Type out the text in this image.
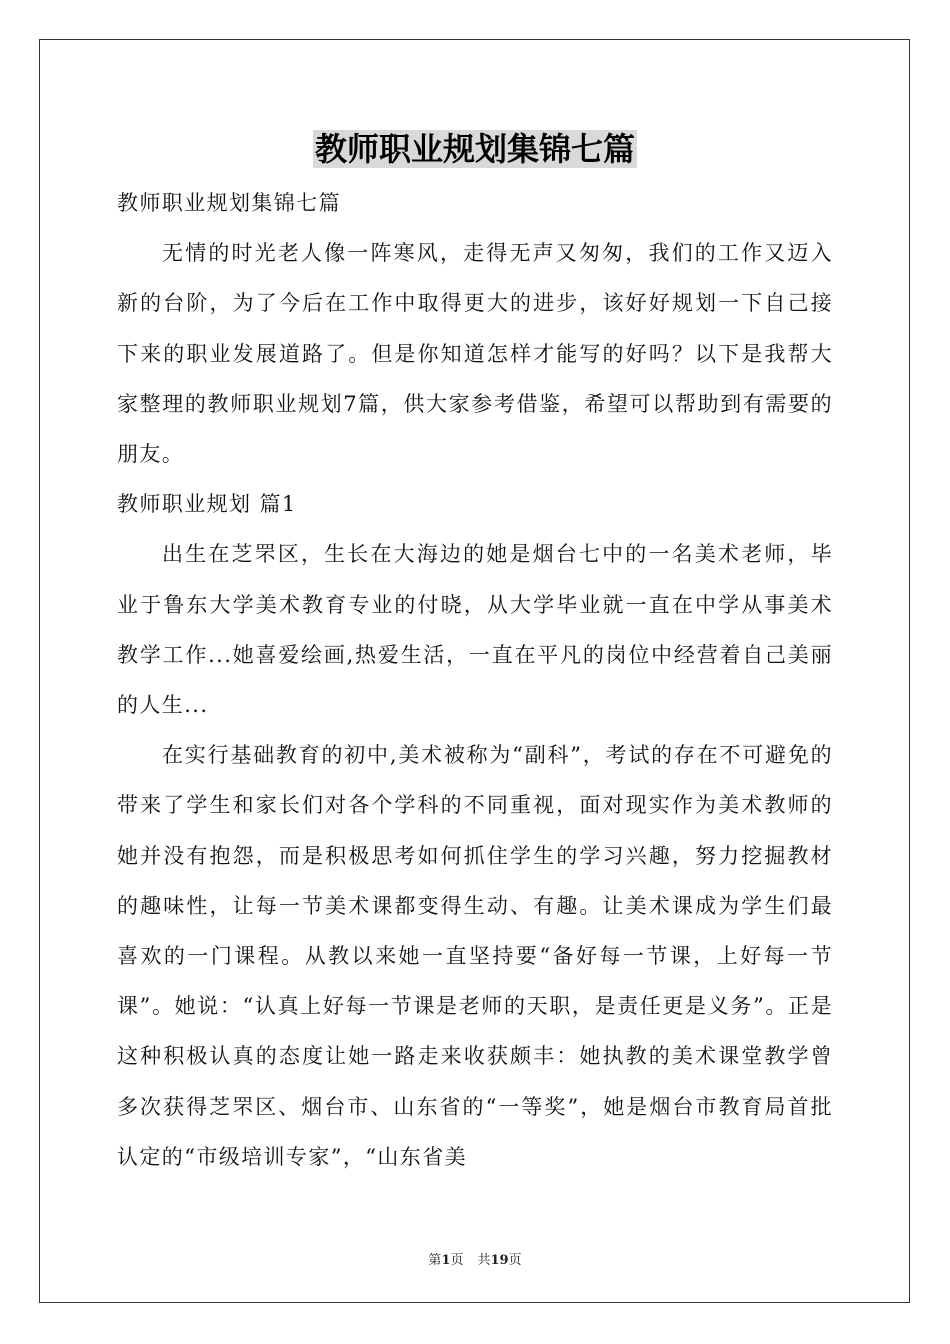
教师职业规划集锦七篇

教师职业规划集锦七篇

无情的时光老人像一阵寒风，走得无声又匆匆，我们的工作又迈入新的台阶，为了今后在工作中取得更大的进步，该好好规划一下自己接下来的职业发展道路了。但是你知道怎样才能写的好吗？以下是我帮大家整理的教师职业规划7篇，供大家参考借鉴，希望可以帮助到有需要的朋友。

教师职业规划 篇1

出生在芝罘区，生长在大海边的她是烟台七中的一名美术老师，毕业于鲁东大学美术教育专业的付晓，从大学毕业就一直在中学从事美术教学工作...她喜爱绘画,热爱生活，一直在平凡的岗位中经营着自己美丽的人生...

在实行基础教育的初中,美术被称为“副科”，考试的存在不可避免的带来了学生和家长们对各个学科的不同重视，面对现实作为美术教师的她并没有抱怨，而是积极思考如何抓住学生的学习兴趣，努力挖掘教材的趣味性，让每一节美术课都变得生动、有趣。让美术课成为学生们最喜欢的一门课程。从教以来她一直坚持要“备好每一节课，上好每一节课”。她说：“认真上好每一节课是老师的天职，是责任更是义务”。正是这种积极认真的态度让她一路走来收获颇丰：她执教的美术课堂教学曾多次获得芝罘区、烟台市、山东省的“一等奖”，她是烟台市教育局首批认定的“市级培训专家”，“山东省美

第1页 共19页
